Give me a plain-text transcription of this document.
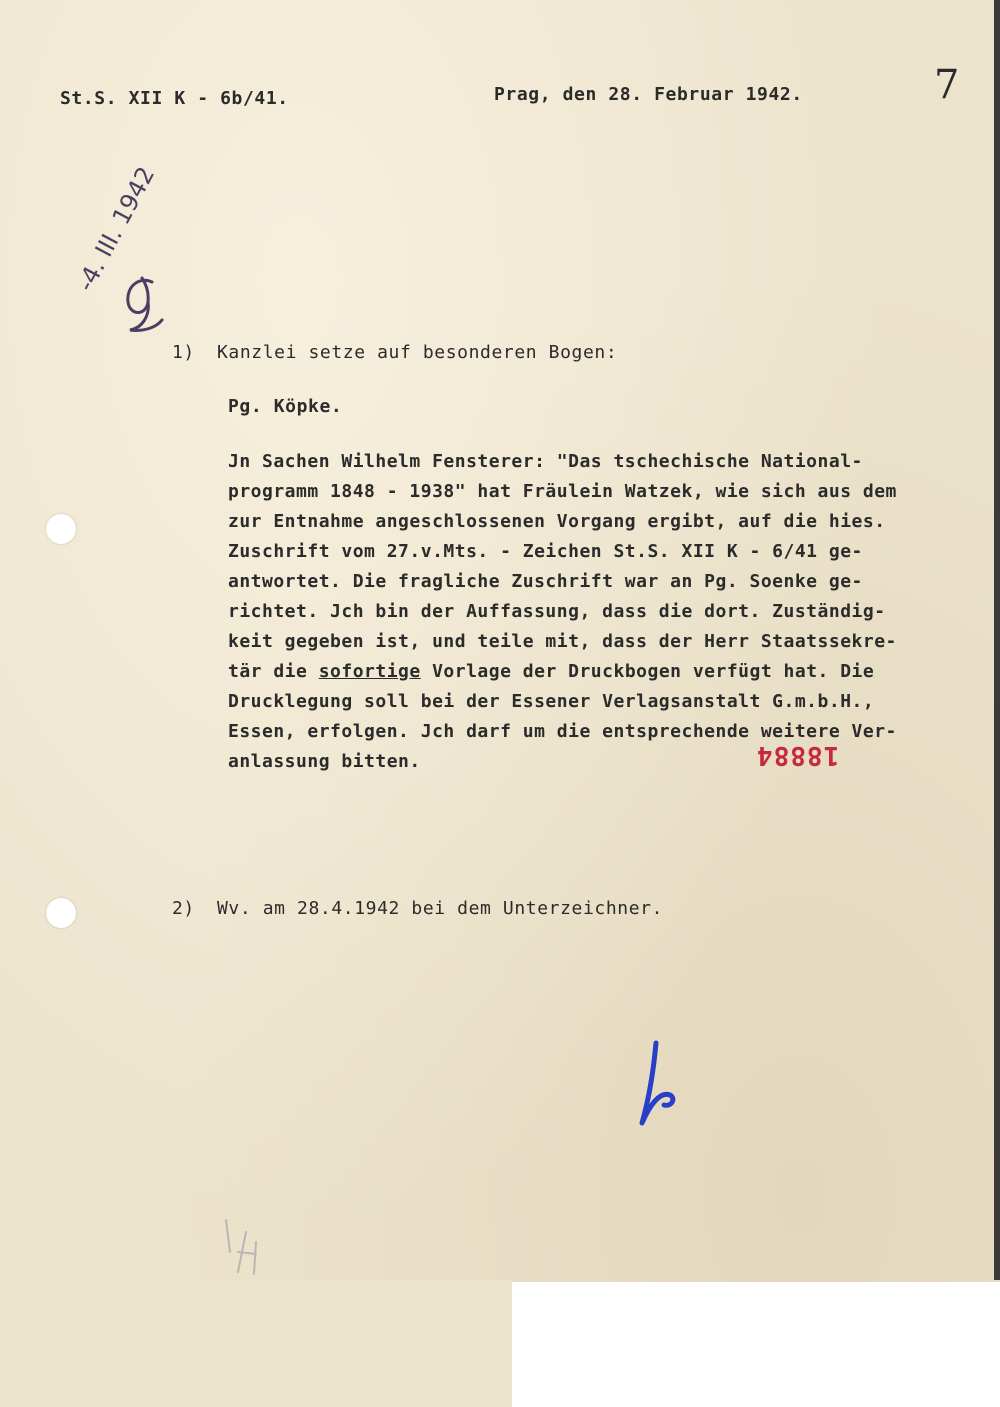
St.S. XII K - 6b/41.	Prag, den 28. Februar 1942.	7
-4. III. 1942
1) Kanzlei setze auf besonderen Bogen:
Pg. Köpke.
Jn Sachen Wilhelm Fensterer: "Das tschechische National-
programm 1848 - 1938" hat Fräulein Watzek, wie sich aus dem
zur Entnahme angeschlossenen Vorgang ergibt, auf die hies.
Zuschrift vom 27.v.Mts. - Zeichen St.S. XII K - 6/41 ge-
antwortet. Die fragliche Zuschrift war an Pg. Soenke ge-
richtet. Jch bin der Auffassung, dass die dort. Zuständig-
keit gegeben ist, und teile mit, dass der Herr Staatssekre-
tär die sofortige Vorlage der Druckbogen verfügt hat. Die
Drucklegung soll bei der Essener Verlagsanstalt G.m.b.H.,
Essen, erfolgen. Jch darf um die entsprechende weitere Ver-
anlassung bitten.	18884
2) Wv. am 28.4.1942 bei dem Unterzeichner.
